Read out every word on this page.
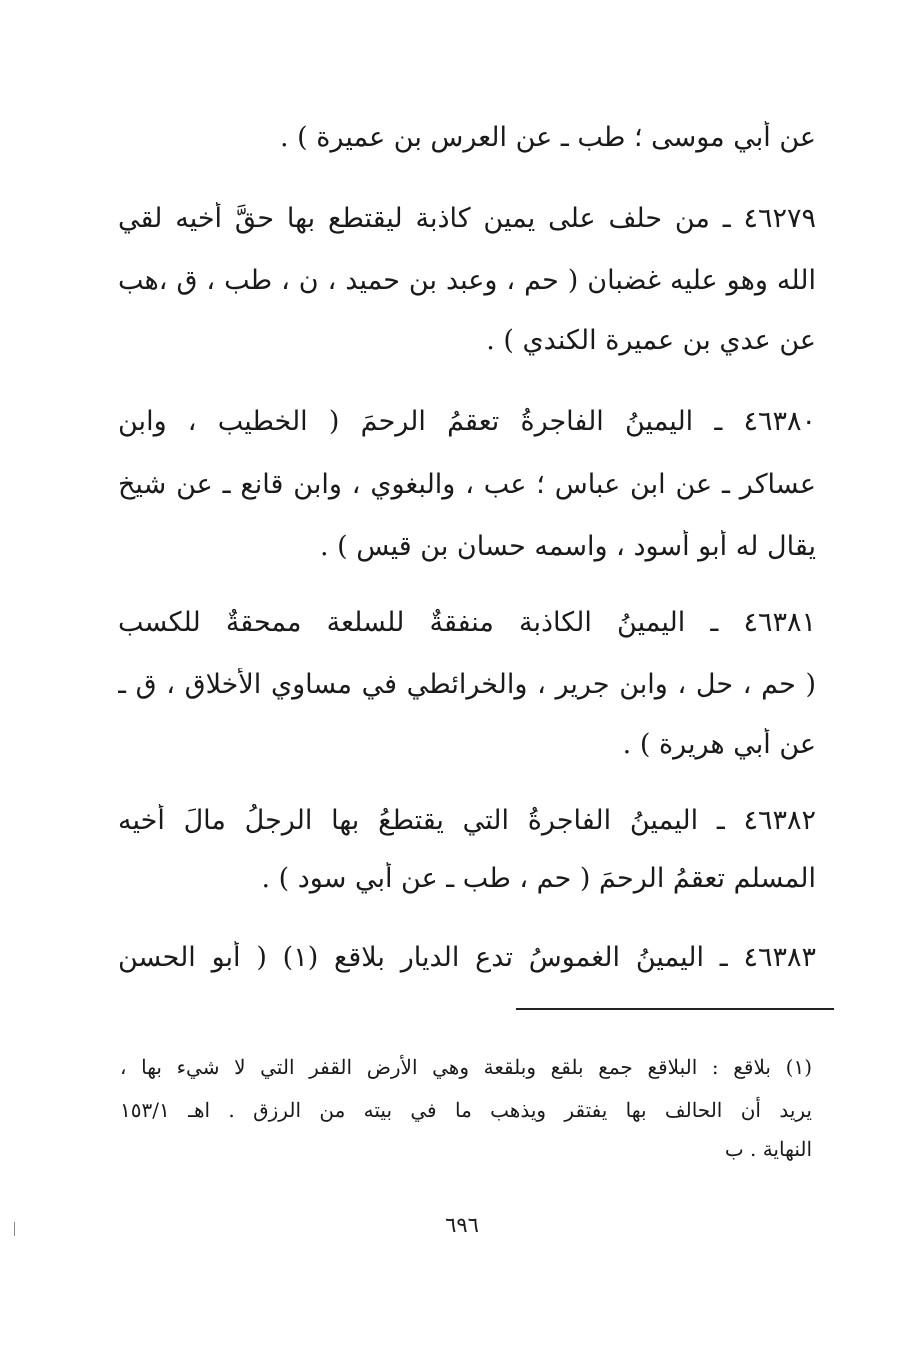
عن أبي موسى ؛ طب ـ عن العرس بن عميرة ) .
٤٦٢٧٩ ـ من حلف على يمين كاذبة ليقتطع بها حقَّ أخيه لقي
الله وهو عليه غضبان ( حم ، وعبد بن حميد ، ن ، طب ، ق ،هب
عن عدي بن عميرة الكندي ) .
٤٦٣٨٠ ـ اليمينُ الفاجرةُ تعقمُ الرحمَ ( الخطيب ، وابن
عساكر ـ عن ابن عباس ؛ عب ، والبغوي ، وابن قانع ـ عن شيخ
يقال له أبو أسود ، واسمه حسان بن قيس ) .
٤٦٣٨١ ـ اليمينُ الكاذبة منفقةٌ للسلعة ممحقةٌ للكسب
( حم ، حل ، وابن جرير ، والخرائطي في مساوي الأخلاق ، ق ـ
عن أبي هريرة ) .
٤٦٣٨٢ ـ اليمينُ الفاجرةُ التي يقتطعُ بها الرجلُ مالَ أخيه
المسلم تعقمُ الرحمَ ( حم ، طب ـ عن أبي سود ) .
٤٦٣٨٣ ـ اليمينُ الغموسُ تدع الديار بلاقع (١) ( أبو الحسن
(١) بلاقع : البلاقع جمع بلقع وبلقعة وهي الأرض القفر التي لا شيء بها ،
يريد أن الحالف بها يفتقر ويذهب ما في بيته من الرزق . اهـ ١٥٣/١
النهاية . ب
٦٩٦
